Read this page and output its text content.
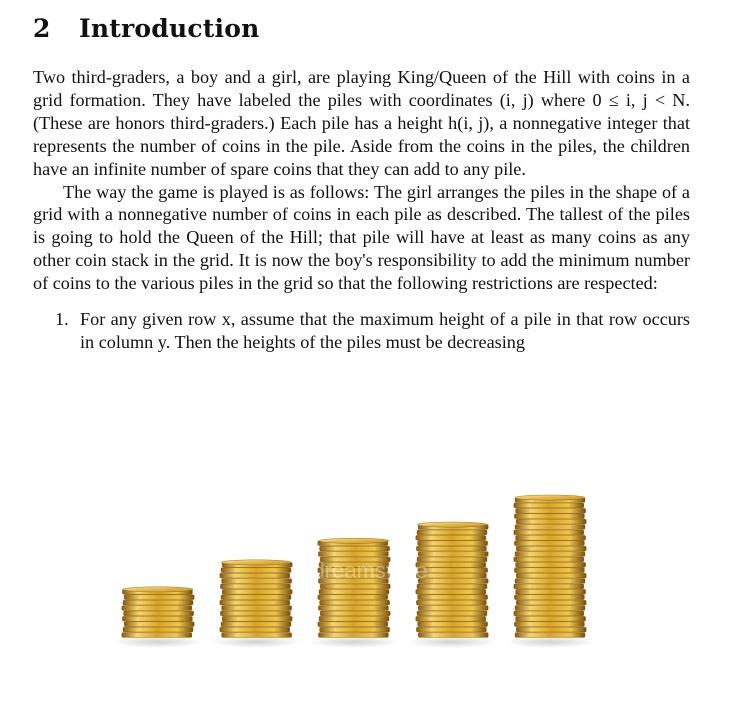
2 Introduction

Two third-graders, a boy and a girl, are playing King/Queen of the Hill with coins in a grid formation. They have labeled the piles with coordinates (i, j) where 0 ≤ i, j < N. (These are honors third-graders.) Each pile has a height h(i, j), a nonnegative integer that represents the number of coins in the pile. Aside from the coins in the piles, the children have an infinite number of spare coins that they can add to any pile.

The way the game is played is as follows: The girl arranges the piles in the shape of a grid with a nonnegative number of coins in each pile as described. The tallest of the piles is going to hold the Queen of the Hill; that pile will have at least as many coins as any other coin stack in the grid. It is now the boy's responsibility to add the minimum number of coins to the various piles in the grid so that the following restrictions are respected:

1. For any given row x, assume that the maximum height of a pile in that row occurs in column y. Then the heights of the piles must be decreasing
dreamstime
